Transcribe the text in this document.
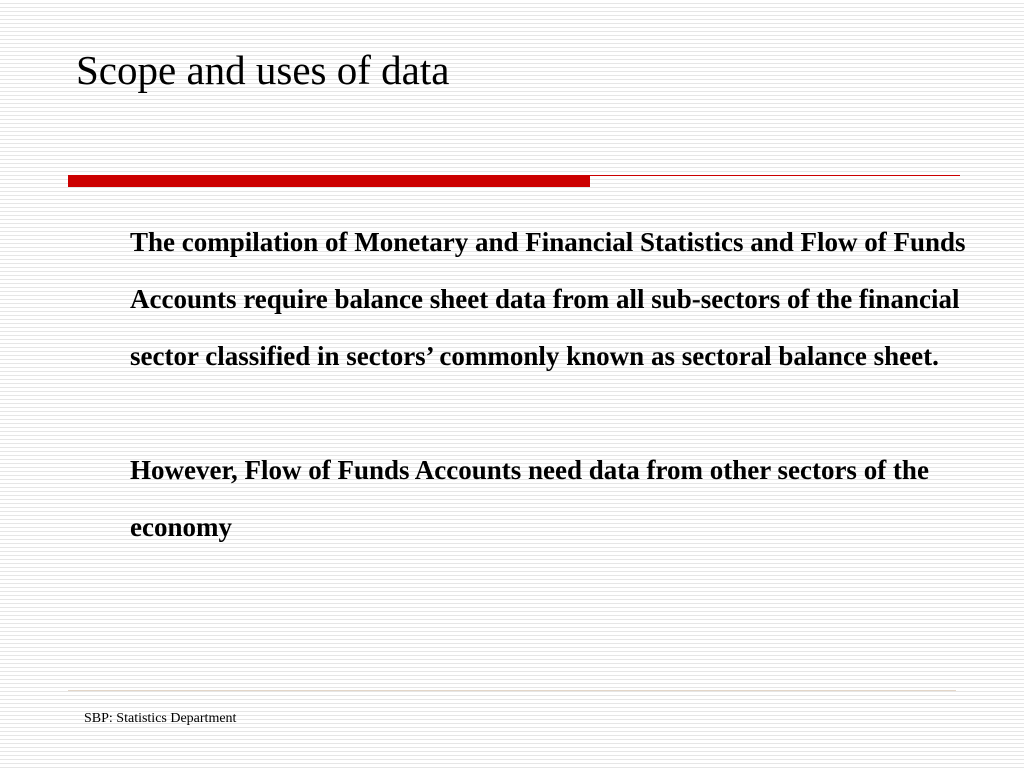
Scope and uses of data

The compilation of Monetary and Financial Statistics and Flow of Funds Accounts require balance sheet data from all sub-sectors of the financial sector classified in sectors’ commonly known as sectoral balance sheet.

However, Flow of Funds Accounts need data from other sectors of the economy

SBP: Statistics Department
